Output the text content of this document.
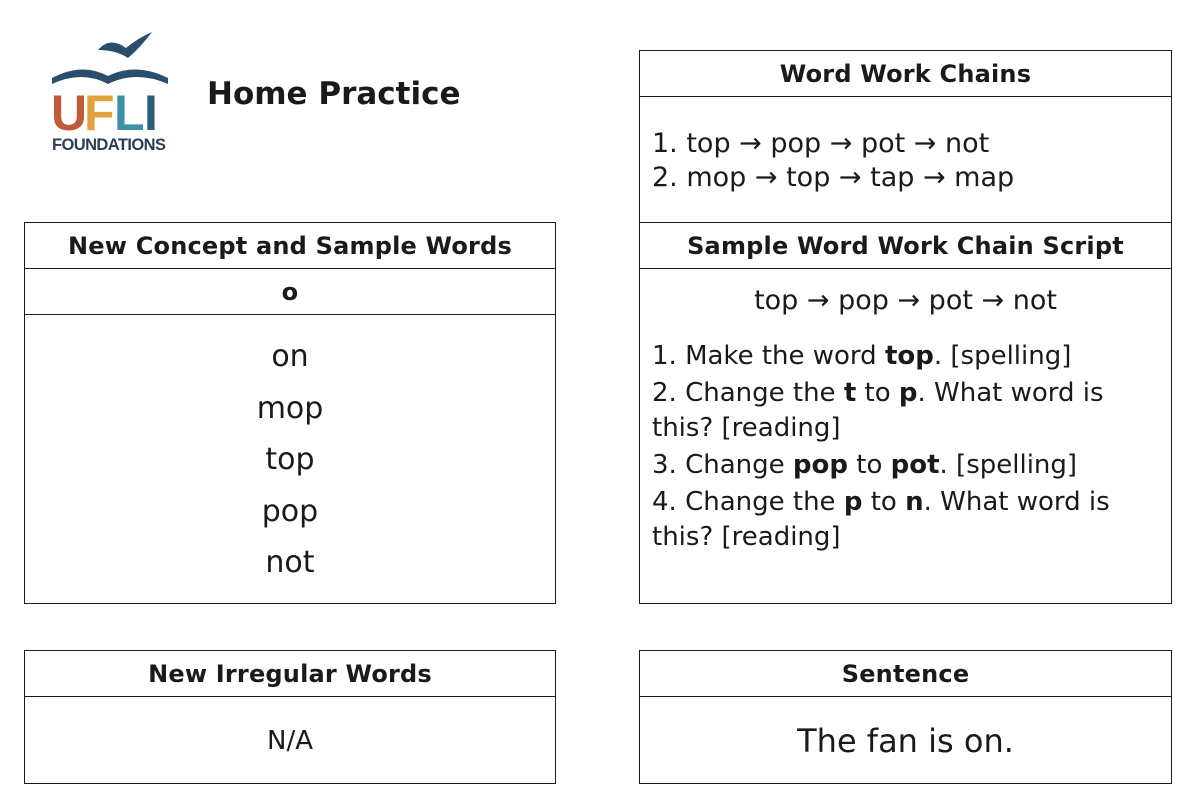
U
F L I
FOUNDATIONS
Home Practice
New Concept and Sample Words
o
on
mop
top
pop
not
New Irregular Words
N/A
Word Work Chains
1. top → pop → pot → not
2. mop → top → tap → map
Sample Word Work Chain Script
top → pop → pot → not
1. Make the word top. [spelling]
2. Change the t to p. What word is this? [reading]
3. Change pop to pot. [spelling]
4. Change the p to n. What word is this? [reading]
Sentence
The fan is on.
